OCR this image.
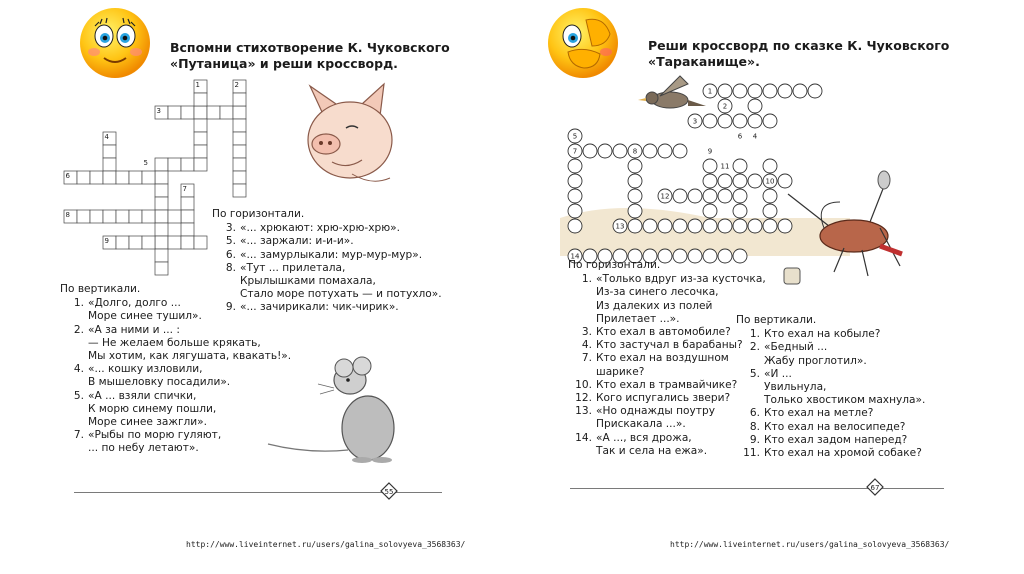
Вспомни стихотворение К. Чуковского
«Путаница» и реши кроссворд.
1	2
3
4
5
6
7
8
9
По горизонтали.
3. «... хрюкают: хрю-хрю-хрю».
5. «... заржали: и-и-и».
6. «... замурлыкали: мур-мур-мур».
8. «Тут ... прилетала,
Крылышками помахала,
Стало море потухать — и потухло».
9. «... зачирикали: чик-чирик».
По вертикали.
1. «Долго, долго ...
Море синее тушил».
2. «А за ними и ... :
— Не желаем больше крякать,
Мы хотим, как лягушата, квакать!».
4. «... кошку изловили,
В мышеловку посадили».
5. «А ... взяли спички,
К морю синему пошли,
Море синее зажгли».
7. «Рыбы по морю гуляют,
... по небу летают».
55
http://www.liveinternet.ru/users/galina_solovyeva_3568363/
Реши кроссворд по сказке К. Чуковского
«Тараканище».
1
2
3
4
5	6
7	8	9
10
11
12
13
14
По горизонтали.
1. «Только вдруг из-за кусточка,
Из-за синего лесочка,
Из далеких из полей
Прилетает ...».
3. Кто ехал в автомобиле?
4. Кто застучал в барабаны?
7. Кто ехал на воздушном
шарике?
10. Кто ехал в трамвайчике?
12. Кого испугались звери?
13. «Но однажды поутру
Прискакала ...».
14. «А ..., вся дрожа,
Так и села на ежа».
По вертикали.
1. Кто ехал на кобыле?
2. «Бедный ...
Жабу проглотил».
5. «И ...
Увильнула,
Только хвостиком махнула».
6. Кто ехал на метле?
8. Кто ехал на велосипеде?
9. Кто ехал задом наперед?
11. Кто ехал на хромой собаке?
67
http://www.liveinternet.ru/users/galina_solovyeva_3568363/
